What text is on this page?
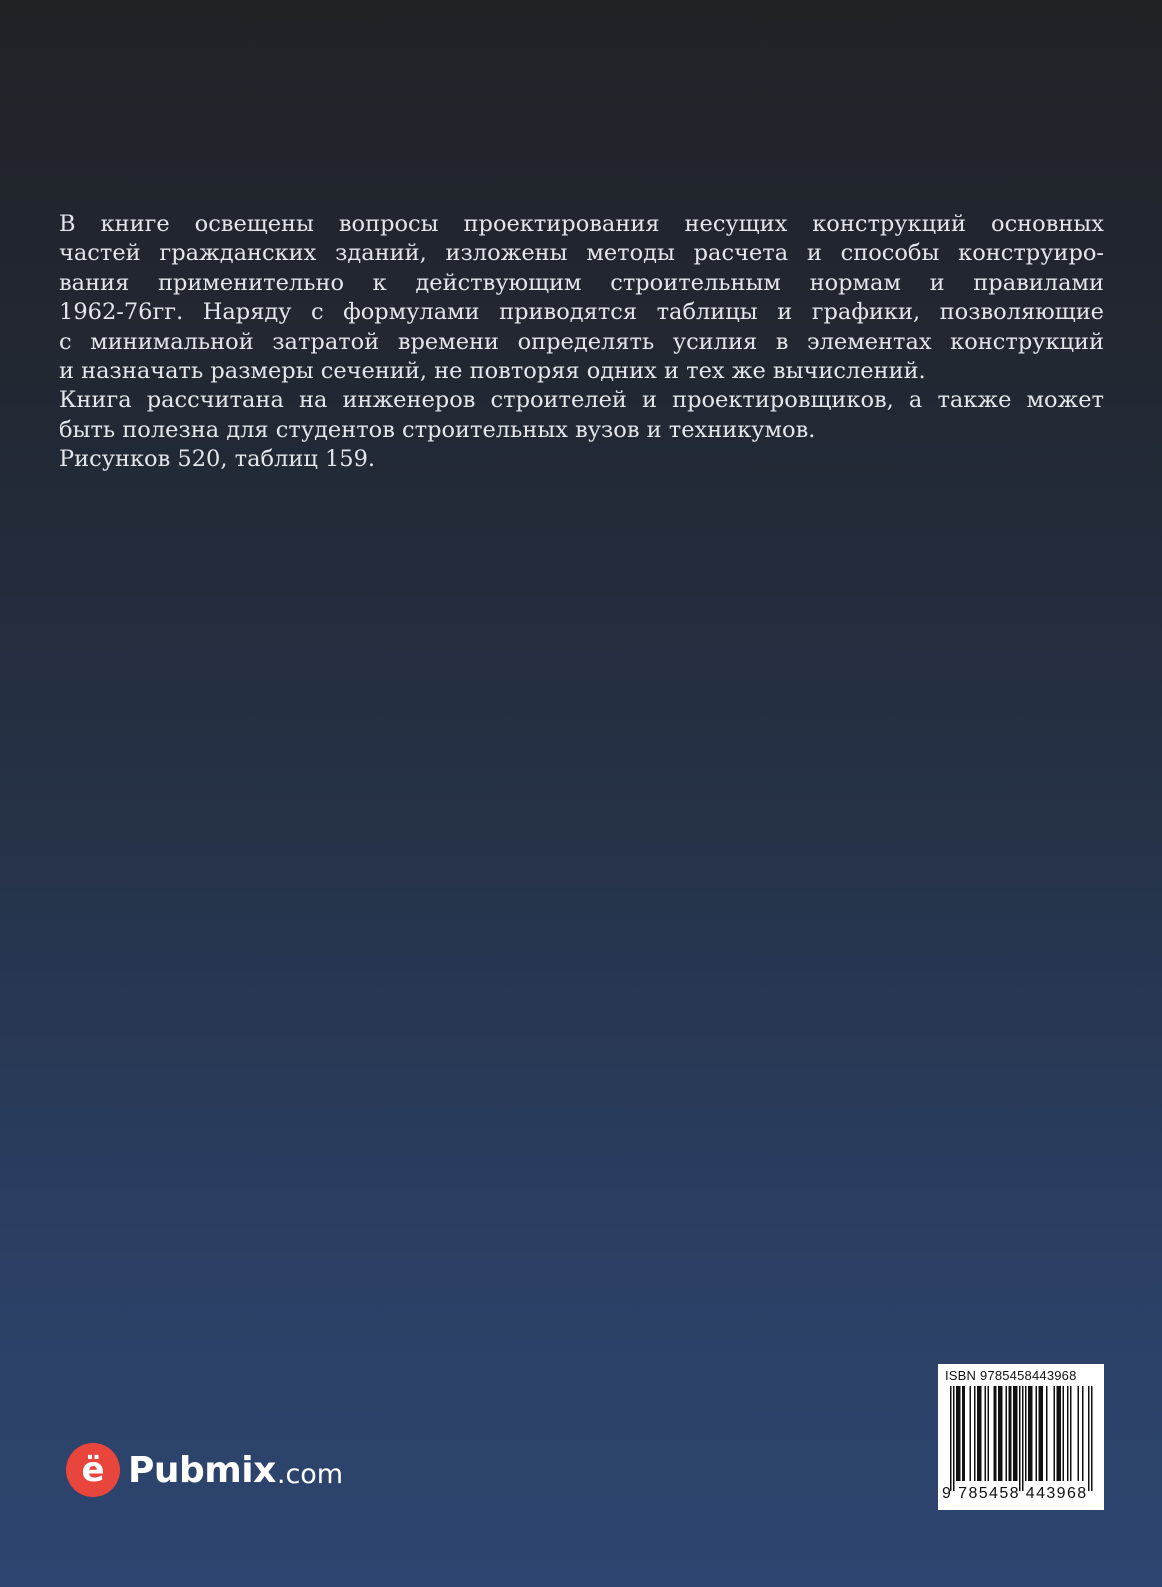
В книге освещены вопросы проектирования несущих конструкций основных
частей гражданских зданий, изложены методы расчета и способы конструиро-
вания применительно к действующим строительным нормам и правилами
1962-76гг. Наряду с формулами приводятся таблицы и графики, позволяющие
с минимальной затратой времени определять усилия в элементах конструкций
и назначать размеры сечений, не повторяя одних и тех же вычислений.
Книга рассчитана на инженеров строителей и проектировщиков, а также может
быть полезна для студентов строительных вузов и техникумов.
Рисунков 520, таблиц 159.
ё Pubmix .com
ISBN 9785458443968
9 785458 443968
